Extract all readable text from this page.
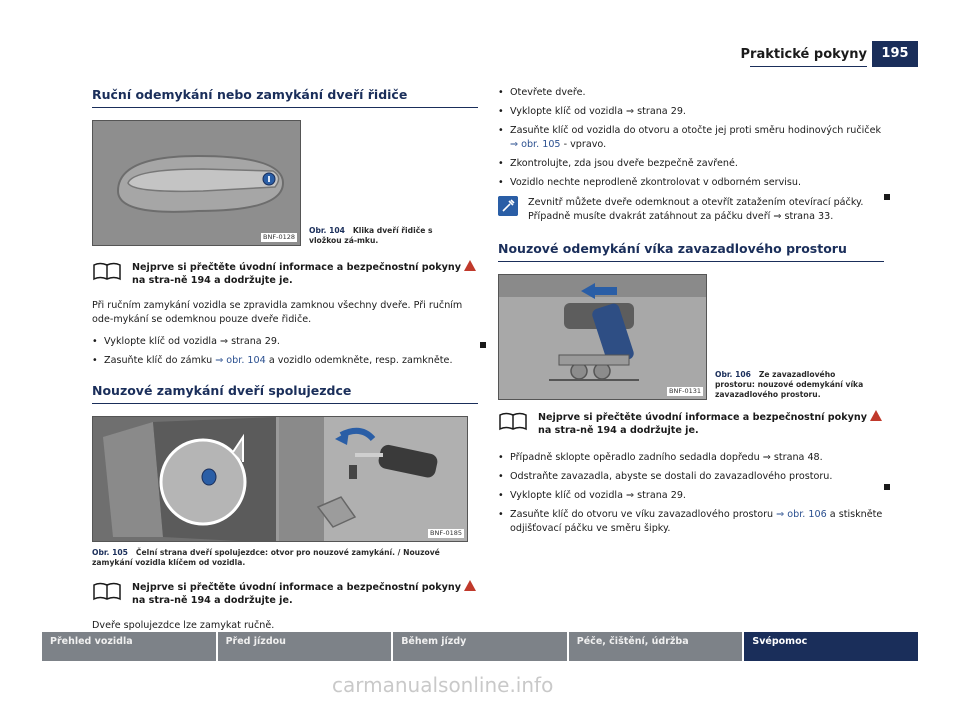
Praktické pokyny	195
Ruční odemykání nebo zamykání dveří řidiče
BNF-0128
Obr. 104 Klika dveří řidiče s vložkou zá-mku.
Nejprve si přečtěte úvodní informace a bezpečnostní pokyny  na stra-ně 194 a dodržujte je.

Při ručním zamykání vozidla se zpravidla zamknou všechny dveře. Při ručním ode-mykání se odemknou pouze dveře řidiče.

• Vyklopte klíč od vozidla ⇒ strana 29.
• Zasuňte klíč do zámku ⇒ obr. 104 a vozidlo odemkněte, resp. zamkněte.
Nouzové zamykání dveří spolujezdce
BNF-0185
Obr. 105 Čelní strana dveří spolujezdce: otvor pro nouzové zamykání. / Nouzové zamykání vozidla klíčem od vozidla.
Nejprve si přečtěte úvodní informace a bezpečnostní pokyny  na stra-ně 194 a dodržujte je.

Dveře spolujezdce lze zamykat ručně.

• Otevřete dveře.
• Vyklopte klíč od vozidla ⇒ strana 29.
• Zasuňte klíč od vozidla do otvoru a otočte jej proti směru hodinových ručiček ⇒ obr. 105 - vpravo.
• Zkontrolujte, zda jsou dveře bezpečně zavřené.
• Vozidlo nechte neprodleně zkontrolovat v odborném servisu.
Zevnitř můžete dveře odemknout a otevřít zatažením otevírací páčky. Případně musíte dvakrát zatáhnout za páčku dveří ⇒ strana 33.
Nouzové odemykání víka zavazadlového prostoru
BNF-0131
Obr. 106 Ze zavazadlového prostoru: nouzové odemykání víka zavazadlového prostoru.
Nejprve si přečtěte úvodní informace a bezpečnostní pokyny  na stra-ně 194 a dodržujte je.
• Případně sklopte opěradlo zadního sedadla dopředu ⇒ strana 48.
• Odstraňte zavazadla, abyste se dostali do zavazadlového prostoru.
• Vyklopte klíč od vozidla ⇒ strana 29.
• Zasuňte klíč do otvoru ve víku zavazadlového prostoru ⇒ obr. 106 a stiskněte odjišťovací páčku ve směru šipky.
Přehled vozidla	Před jízdou	Během jízdy	Péče, čištění, údržba	Svépomoc
carmanualsonline.info
